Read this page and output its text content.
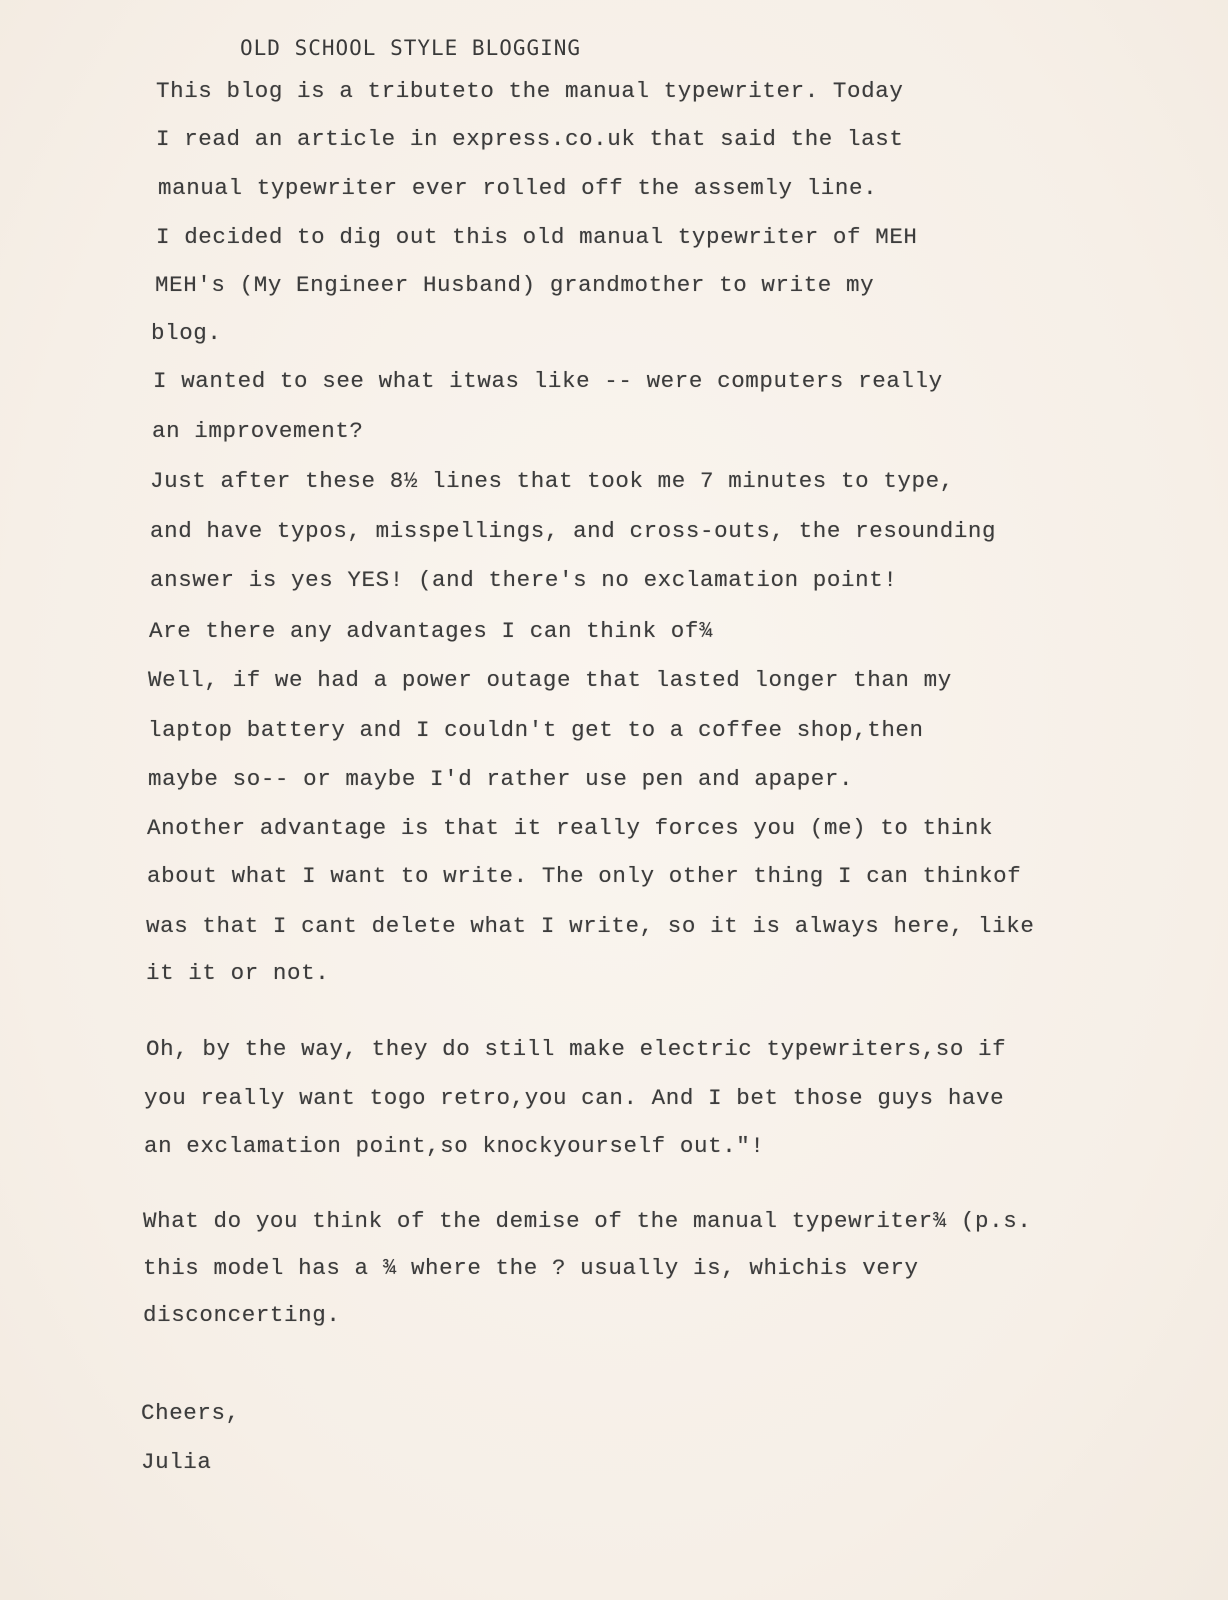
OLD SCHOOL STYLE BLOGGING
This blog is a tributeto the manual typewriter. Today
I read an article in express.co.uk that said the last
manual typewriter ever rolled off the assemly line.
I decided to dig out this old manual typewriter of MEH
MEH's (My Engineer Husband) grandmother to write my
blog.
I wanted to see what itwas like -- were computers really
an improvement?
Just after these 8½ lines that took me 7 minutes to type,
and have typos, misspellings, and cross-outs, the resounding
answer is yes YES! (and there's no exclamation point!
Are there any advantages I can think of¾
Well, if we had a power outage that lasted longer than my
laptop battery and I couldn't get to a coffee shop,then
maybe so-- or maybe I'd rather use pen and apaper.
Another advantage is that it really forces you (me) to think
about what I want to write. The only other thing I can thinkof
was that I cant delete what I write, so it is always here, like
it it or not.
Oh, by the way, they do still make electric typewriters,so if
you really want togo retro,you can. And I bet those guys have
an exclamation point,so knockyourself out."!
What do you think of the demise of the manual typewriter¾ (p.s.
this model has a ¾ where the ? usually is, whichis very
disconcerting.
Cheers,
Julia
